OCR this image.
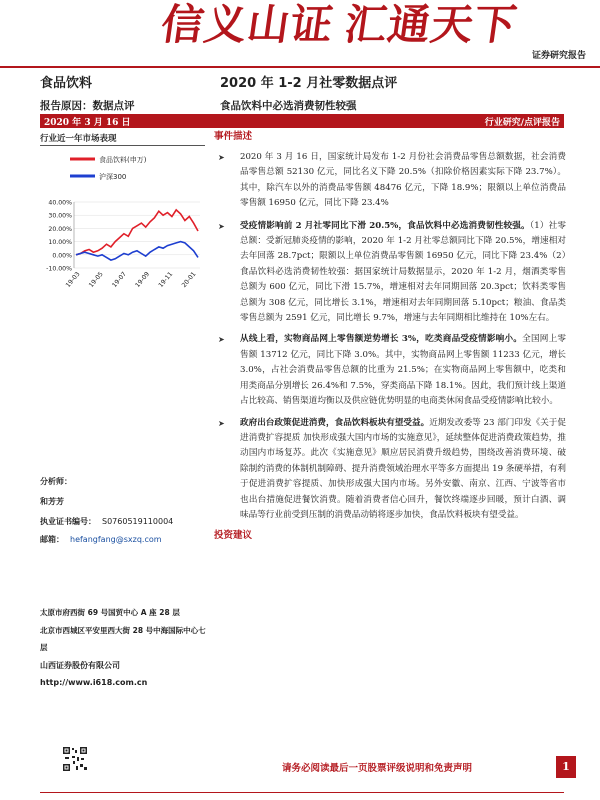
信义山证 汇通天下
证券研究报告
食品饮料	2020 年 1-2 月社零数据点评
报告原因：数据点评	食品饮料中必选消费韧性较强
2020 年 3 月 16 日	行业研究/点评报告
行业近一年市场表现
食品饮料(申万)
沪深300
40.00%
30.00%
20.00%
10.00%
0.00%
-10.00%
19-03 19-05 19-07 19-09 19-11 20-01
分析师：
和芳芳
执业证书编号： S0760519110004
邮箱： hefangfang@sxzq.com
太原市府西街 69 号国贸中心 A 座 28 层
北京市西城区平安里西大街 28 号中海国际中心七层
山西证券股份有限公司
http://www.i618.com.cn
事件描述
➤ 2020 年 3 月 16 日，国家统计局发布 1-2 月份社会消费品零售总额数据，社会消费品零售总额 52130 亿元，同比名义下降 20.5%（扣除价格因素实际下降 23.7%）。其中，除汽车以外的消费品零售额 48476 亿元，下降 18.9%；限额以上单位消费品零售额 16950 亿元，同比下降 23.4%
➤ 受疫情影响前 2 月社零同比下滑 20.5%，食品饮料中必选消费韧性较强。（1）社零总额：受新冠肺炎疫情的影响，2020 年 1-2 月社零总额同比下降 20.5%，增速相对去年回落 28.7pct；限额以上单位消费品零售额 16950 亿元，同比下降 23.4%（2）食品饮料必选消费韧性较强：据国家统计局数据显示，2020 年 1-2 月，烟酒类零售总额为 600 亿元，同比下滑 15.7%，增速相对去年同期回落 20.3pct；饮料类零售总额为 308 亿元，同比增长 3.1%，增速相对去年同期回落 5.10pct；粮油、食品类零售总额为 2591 亿元，同比增长 9.7%，增速与去年同期相比维持在 10%左右。
➤ 从线上看，实物商品网上零售额逆势增长 3%，吃类商品受疫情影响小。全国网上零售额 13712 亿元，同比下降 3.0%。其中，实物商品网上零售额 11233 亿元，增长 3.0%，占社会消费品零售总额的比重为 21.5%；在实物商品网上零售额中，吃类和用类商品分别增长 26.4%和 7.5%，穿类商品下降 18.1%。因此，我们预计线上渠道占比较高、销售渠道均衡以及供应链优势明显的电商类休闲食品受疫情影响比较小。
➤ 政府出台政策促进消费，食品饮料板块有望受益。近期发改委等 23 部门印发《关于促进消费扩容提质 加快形成强大国内市场的实施意见》，延续整体促进消费政策趋势，推动国内市场复苏。此次《实施意见》顺应居民消费升级趋势，围绕改善消费环境、破除制约消费的体制机制障碍、提升消费领域治理水平等多方面提出 19 条硬举措，有利于促进消费扩容提质、加快形成强大国内市场。另外安徽、南京、江西、宁波等省市也出台措施促进餐饮消费。随着消费者信心回升，餐饮终端逐步回暖，预计白酒、调味品等行业前受到压制的消费品动销将逐步加快，食品饮料板块有望受益。
投资建议
请务必阅读最后一页股票评级说明和免责声明	1
